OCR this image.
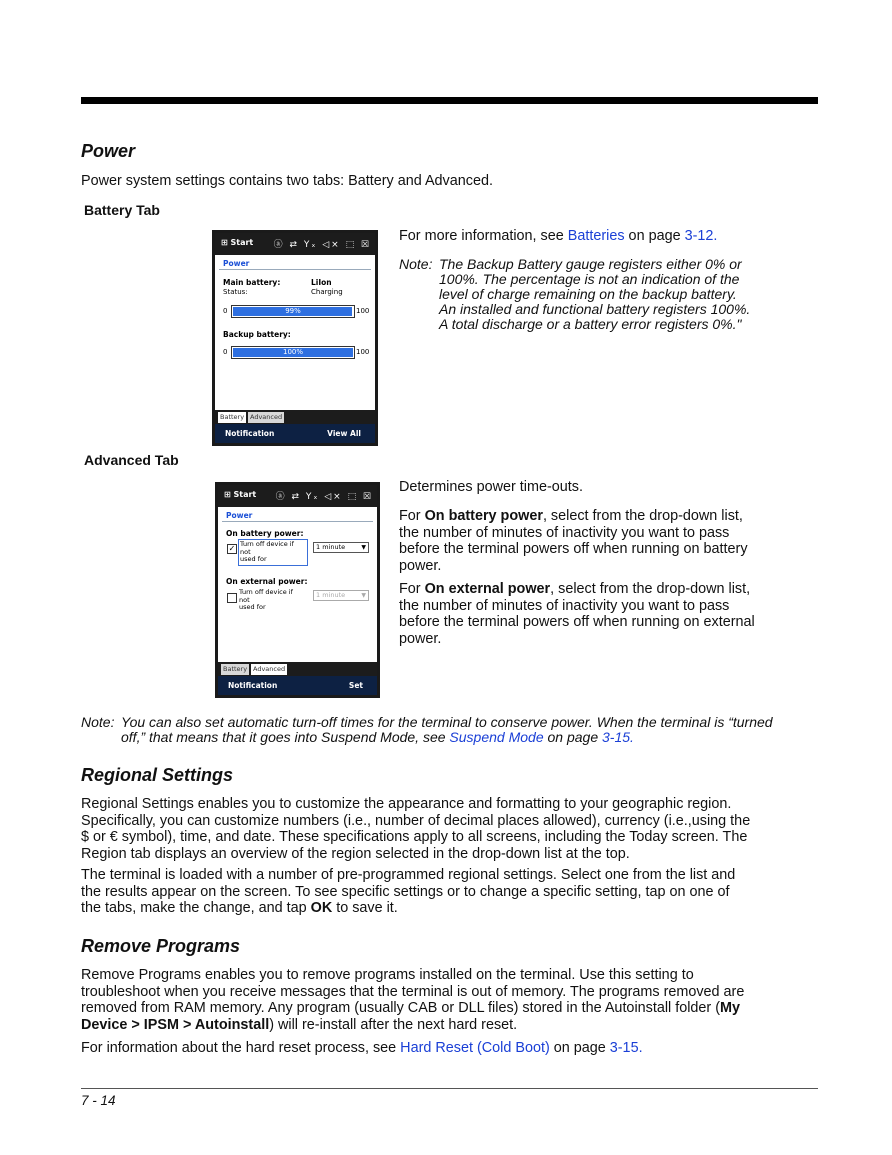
Power

Power system settings contains two tabs: Battery and Advanced.

Battery Tab
⊞ Start ⓐ ⇄ Yₓ ◁× ⬚ ☒
Power
Main battery:	LiIon
Status:	Charging
0	99%	100
Backup battery:
0	100%	100
Battery Advanced
Notification	View All

For more information, see Batteries on page 3-12.

Note: The Backup Battery gauge registers either 0% or
100%. The percentage is not an indication of the
level of charge remaining on the backup battery.
An installed and functional battery registers 100%.
A total discharge or a battery error registers 0%."
Advanced Tab
⊞ Start ⓐ ⇄ Yₓ ◁× ⬚ ☒
Power
On battery power:
✓ Turn off device if not
used for
1 minute	▼
On external power:
Turn off device if not
used for
1 minute	▼
Battery Advanced
Notification	Set

Determines power time-outs.

For On battery power, select from the drop-down list,
the number of minutes of inactivity you want to pass
before the terminal powers off when running on battery
power.
For On external power, select from the drop-down list,
the number of minutes of inactivity you want to pass
before the terminal powers off when running on external
power.
Note: You can also set automatic turn-off times for the terminal to conserve power. When the terminal is “turned
off,” that means that it goes into Suspend Mode, see Suspend Mode on page 3-15.
Regional Settings
Regional Settings enables you to customize the appearance and formatting to your geographic region.
Specifically, you can customize numbers (i.e., number of decimal places allowed), currency (i.e.,using the
$ or € symbol), time, and date. These specifications apply to all screens, including the Today screen. The
Region tab displays an overview of the region selected in the drop-down list at the top.
The terminal is loaded with a number of pre-programmed regional settings. Select one from the list and
the results appear on the screen. To see specific settings or to change a specific setting, tap on one of
the tabs, make the change, and tap OK to save it.
Remove Programs
Remove Programs enables you to remove programs installed on the terminal. Use this setting to
troubleshoot when you receive messages that the terminal is out of memory. The programs removed are
removed from RAM memory. Any program (usually CAB or DLL files) stored in the Autoinstall folder (My
Device > IPSM > Autoinstall) will re-install after the next hard reset.

For information about the hard reset process, see Hard Reset (Cold Boot) on page 3-15.

7 - 14
